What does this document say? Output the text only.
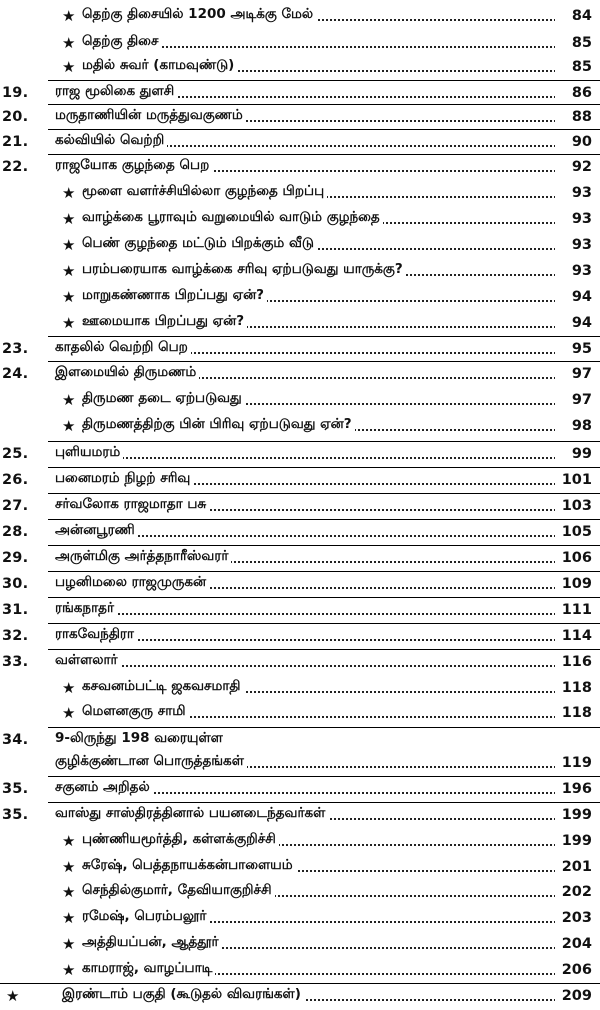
★ தெற்கு திசையில் 1200 அடிக்கு மேல்	84
★ தெற்கு திசை	85
★ மதில் சுவர் (காமவுண்டு)	85
19. ராஜ மூலிகை துளசி	86
20. மருதாணியின் மருத்துவகுணம்	88
21. கல்வியில் வெற்றி	90
22. ராஜயோக குழந்தை பெற	92
★ மூளை வளர்ச்சியில்லா குழந்தை பிறப்பு	93
★ வாழ்க்கை பூராவும் வறுமையில் வாடும் குழந்தை	93
★ பெண் குழந்தை மட்டும் பிறக்கும் வீடு	93
★ பரம்பரையாக வாழ்க்கை சரிவு ஏற்படுவது யாருக்கு?	93
★ மாறுகண்ணாக பிறப்பது ஏன்?	94
★ ஊமையாக பிறப்பது ஏன்?	94
23. காதலில் வெற்றி பெற	95
24. இளமையில் திருமணம்	97
★ திருமண தடை ஏற்படுவது	97
★ திருமணத்திற்கு பின் பிரிவு ஏற்படுவது ஏன்?	98
25. புளியமரம்	99
26. பனைமரம் நிழற் சரிவு	101
27. சர்வலோக ராஜமாதா பசு	103
28. அன்னபூரணி	105
29. அருள்மிகு அர்த்தநாரீஸ்வரர்	106
30. பழனிமலை ராஜமுருகன்	109
31. ரங்கநாதர்	111
32. ராகவேந்திரா	114
33. வள்ளலார்	116
★ கசவனம்பட்டி ஜகவசமாதி	118
★ மௌனகுரு சாமி	118
34. 9-லிருந்து 198 வரையுள்ள
குழிக்குண்டான பொருத்தங்கள்	119
35. சகுனம் அறிதல்	196
35. வாஸ்து சாஸ்திரத்தினால் பயனடைந்தவர்கள்	199
★ புண்ணியமூர்த்தி, கள்ளக்குறிச்சி	199
★ சுரேஷ், பெத்தநாயக்கன்பாளையம்	201
★ செந்தில்குமார், தேவியாகுறிச்சி	202
★ ரமேஷ், பெரம்பலூர்	203
★ அத்தியப்பன், ஆத்தூர்	204
★ காமராஜ், வாழப்பாடி	206
★	இரண்டாம் பகுதி (கூடுதல் விவரங்கள்)	209
